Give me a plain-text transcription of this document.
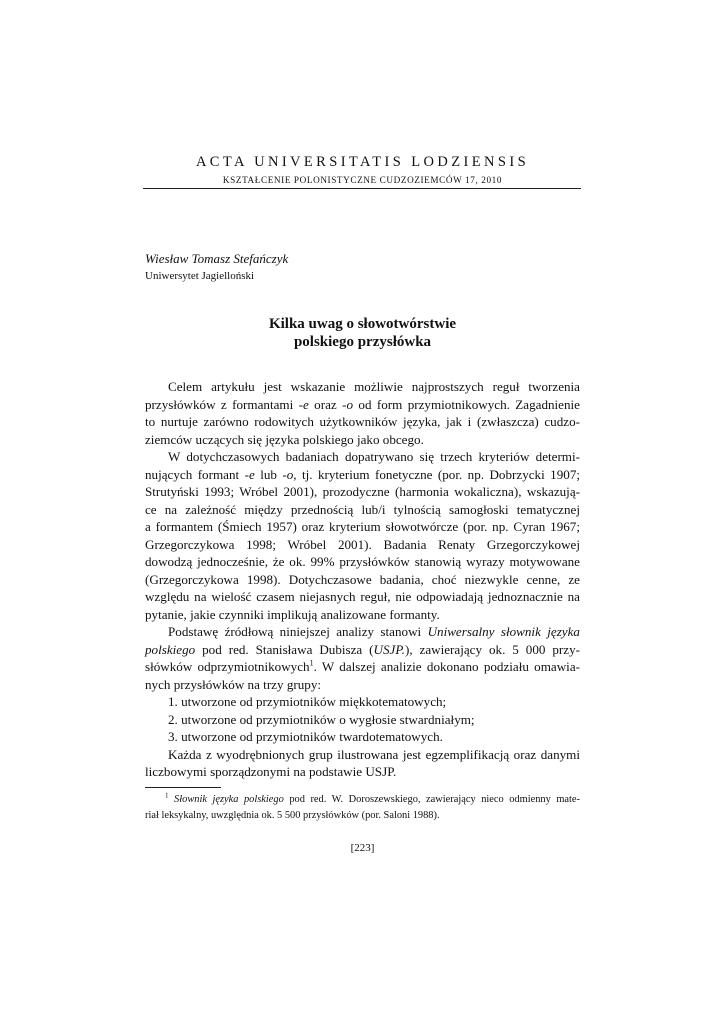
ACTA UNIVERSITATIS LODZIENSIS
KSZTAŁCENIE POLONISTYCZNE CUDZOZIEMCÓW 17, 2010
Wiesław Tomasz Stefańczyk
Uniwersytet Jagielloński
Kilka uwag o słowotwórstwie
polskiego przysłówka
Celem artykułu jest wskazanie możliwie najprostszych reguł tworzenia
przysłówków z formantami -e oraz -o od form przymiotnikowych. Zagadnienie
to nurtuje zarówno rodowitych użytkowników języka, jak i (zwłaszcza) cudzo-
ziemców uczących się języka polskiego jako obcego.
W dotychczasowych badaniach dopatrywano się trzech kryteriów determi-
nujących formant -e lub -o, tj. kryterium fonetyczne (por. np. Dobrzycki 1907;
Strutyński 1993; Wróbel 2001), prozodyczne (harmonia wokaliczna), wskazują-
ce na zależność między przednością lub/i tylnością samogłoski tematycznej
a formantem (Śmiech 1957) oraz kryterium słowotwórcze (por. np. Cyran 1967;
Grzegorczykowa 1998; Wróbel 2001). Badania Renaty Grzegorczykowej
dowodzą jednocześnie, że ok. 99% przysłówków stanowią wyrazy motywowane
(Grzegorczykowa 1998). Dotychczasowe badania, choć niezwykle cenne, ze
względu na wielość czasem niejasnych reguł, nie odpowiadają jednoznacznie na
pytanie, jakie czynniki implikują analizowane formanty.
Podstawę źródłową niniejszej analizy stanowi Uniwersalny słownik języka
polskiego pod red. Stanisława Dubisza (USJP.), zawierający ok. 5 000 przy-
słówków odprzymiotnikowych$^1$. W dalszej analizie dokonano podziału omawia-
nych przysłówków na trzy grupy:
1. utworzone od przymiotników miękkotematowych;
2. utworzone od przymiotników o wygłosie stwardniałym;
3. utworzone od przymiotników twardotematowych.
Każda z wyodrębnionych grup ilustrowana jest egzemplifikacją oraz danymi
liczbowymi sporządzonymi na podstawie USJP.
$^1$ Słownik języka polskiego pod red. W. Doroszewskiego, zawierający nieco odmienny mate-
riał leksykalny, uwzględnia ok. 5 500 przysłówków (por. Saloni 1988).
[223]
